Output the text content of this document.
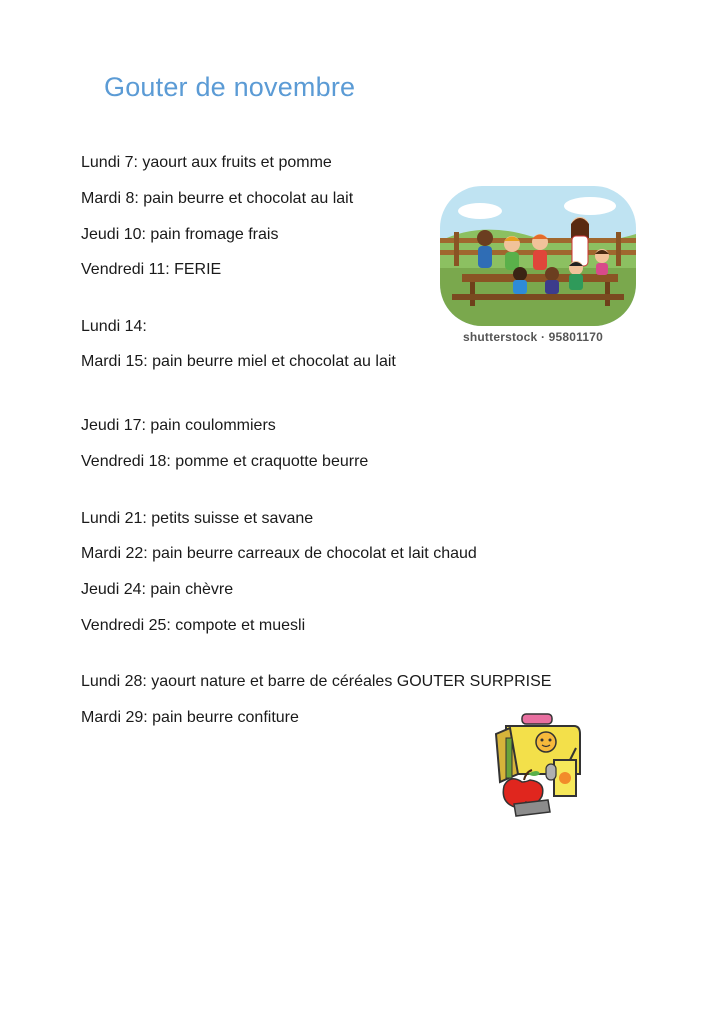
Gouter de novembre
Lundi 7: yaourt aux fruits et pomme
Mardi 8: pain beurre et chocolat au lait
Jeudi 10: pain fromage frais
Vendredi 11: FERIE
Lundi 14:
Mardi 15: pain beurre miel et chocolat au lait
Jeudi 17: pain coulommiers
Vendredi 18: pomme et craquotte beurre
Lundi 21: petits suisse et savane
Mardi 22: pain beurre carreaux de chocolat et lait chaud
Jeudi 24: pain chèvre
Vendredi 25: compote et muesli
Lundi 28: yaourt nature et barre de céréales GOUTER SURPRISE
Mardi 29: pain beurre confiture
shutterstock · 95801170
